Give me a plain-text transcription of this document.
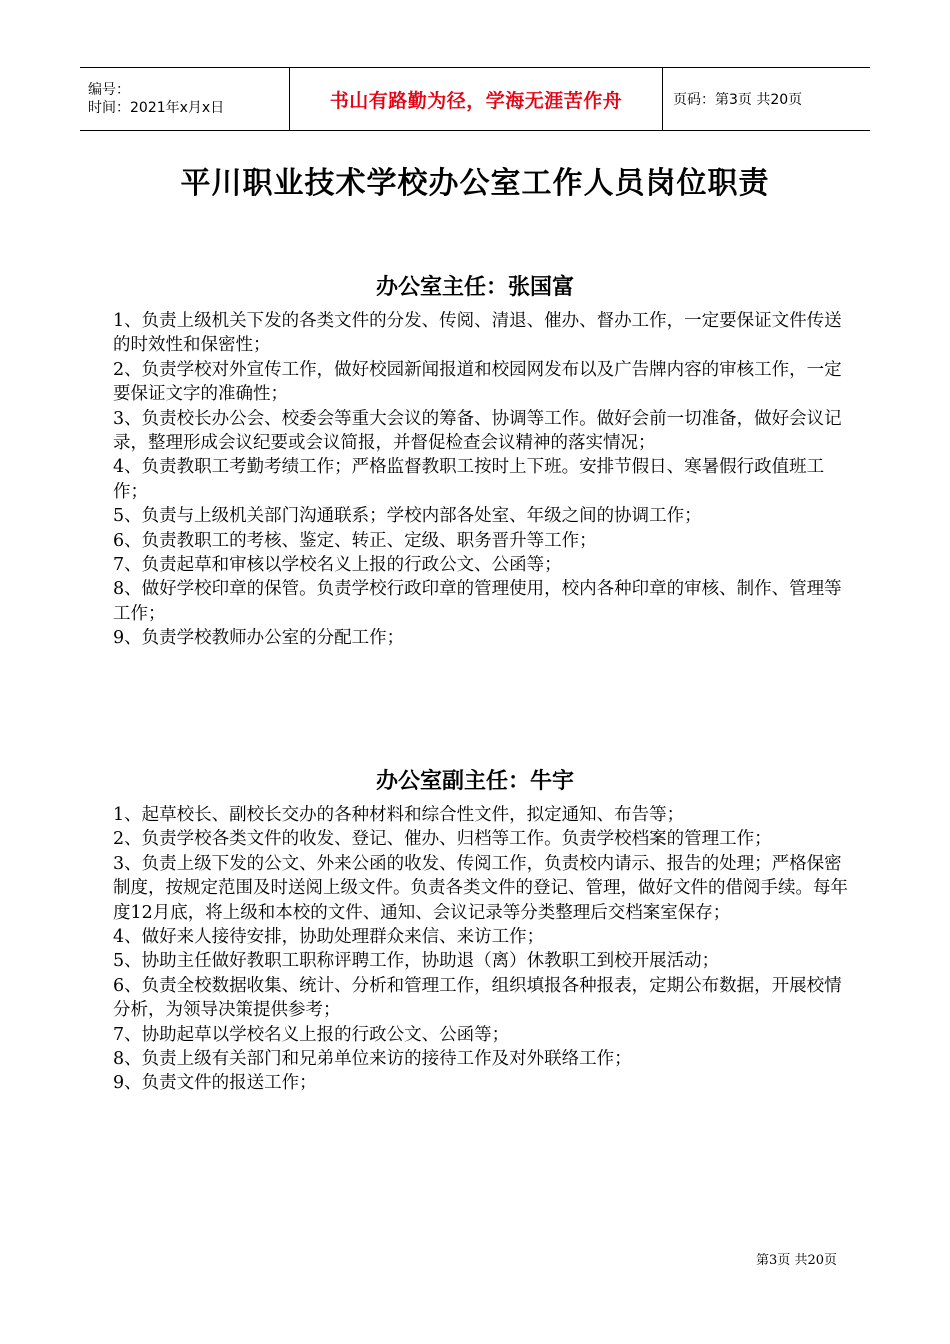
编号：
时间：2021年x月x日	书山有路勤为径，学海无涯苦作舟	页码：第3页 共20页
平川职业技术学校办公室工作人员岗位职责
办公室主任：张国富

1、负责上级机关下发的各类文件的分发、传阅、清退、催办、督办工作，一定要保证文件传送的时效性和保密性；

2、负责学校对外宣传工作，做好校园新闻报道和校园网发布以及广告牌内容的审核工作，一定要保证文字的准确性；

3、负责校长办公会、校委会等重大会议的筹备、协调等工作。做好会前一切准备，做好会议记录，整理形成会议纪要或会议简报，并督促检查会议精神的落实情况；

4、负责教职工考勤考绩工作；严格监督教职工按时上下班。安排节假日、寒暑假行政值班工作；

5、负责与上级机关部门沟通联系；学校内部各处室、年级之间的协调工作；

6、负责教职工的考核、鉴定、转正、定级、职务晋升等工作；

7、负责起草和审核以学校名义上报的行政公文、公函等；

8、做好学校印章的保管。负责学校行政印章的管理使用，校内各种印章的审核、制作、管理等工作；

9、负责学校教师办公室的分配工作；

办公室副主任：牛宇

1、起草校长、副校长交办的各种材料和综合性文件，拟定通知、布告等；

2、负责学校各类文件的收发、登记、催办、归档等工作。负责学校档案的管理工作；

3、负责上级下发的公文、外来公函的收发、传阅工作，负责校内请示、报告的处理；严格保密制度，按规定范围及时送阅上级文件。负责各类文件的登记、管理，做好文件的借阅手续。每年度12月底，将上级和本校的文件、通知、会议记录等分类整理后交档案室保存；

4、做好来人接待安排，协助处理群众来信、来访工作；

5、协助主任做好教职工职称评聘工作，协助退（离）休教职工到校开展活动；

6、负责全校数据收集、统计、分析和管理工作，组织填报各种报表，定期公布数据，开展校情分析，为领导决策提供参考；

7、协助起草以学校名义上报的行政公文、公函等；

8、负责上级有关部门和兄弟单位来访的接待工作及对外联络工作；

9、负责文件的报送工作；

第3页 共20页
